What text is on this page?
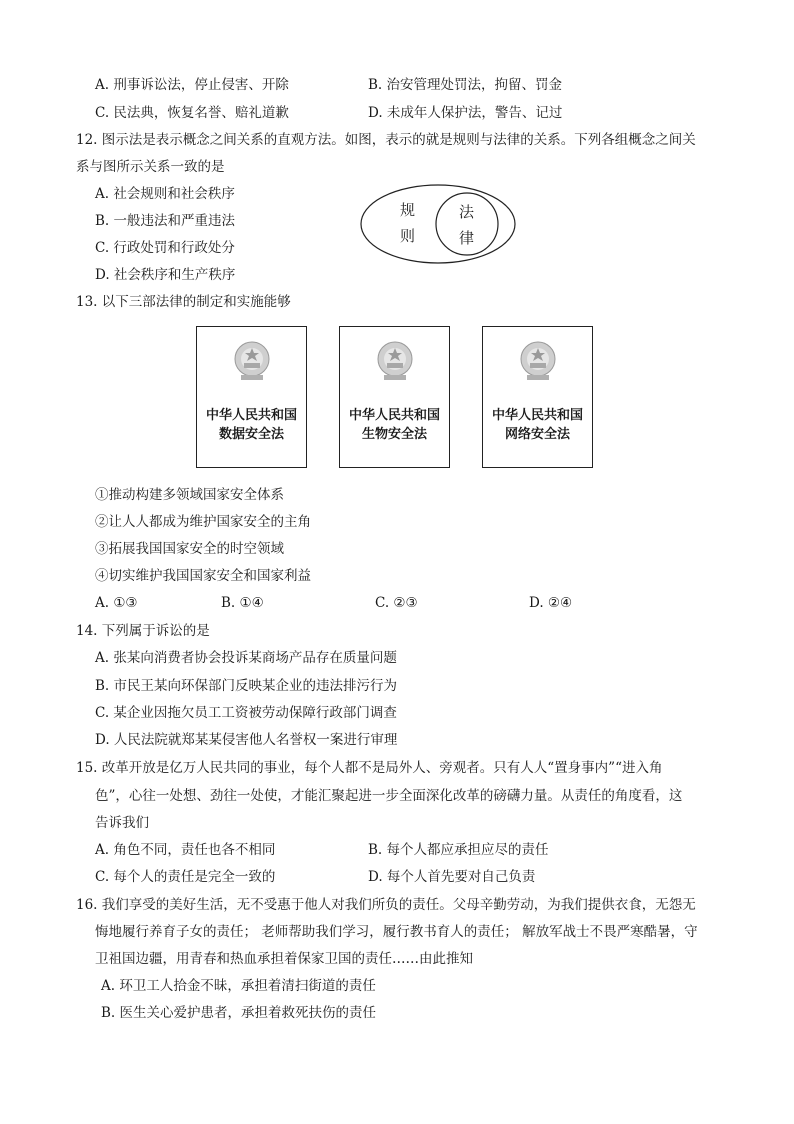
A. 刑事诉讼法，停止侵害、开除	B. 治安管理处罚法，拘留、罚金
C. 民法典，恢复名誉、赔礼道歉	D. 未成年人保护法，警告、记过
12. 图示法是表示概念之间关系的直观方法。如图，表示的就是规则与法律的关系。下列各组概念之间关
系与图所示关系一致的是
A. 社会规则和社会秩序
B. 一般违法和严重违法
C. 行政处罚和行政处分
D. 社会秩序和生产秩序
规
则
法
律
13. 以下三部法律的制定和实施能够
中华人民共和国
数据安全法
中华人民共和国
生物安全法
中华人民共和国
网络安全法
①推动构建多领域国家安全体系
②让人人都成为维护国家安全的主角
③拓展我国国家安全的时空领域
④切实维护我国国家安全和国家利益
A. ①③	B. ①④	C. ②③	D. ②④
14. 下列属于诉讼的是
A. 张某向消费者协会投诉某商场产品存在质量问题
B. 市民王某向环保部门反映某企业的违法排污行为
C. 某企业因拖欠员工工资被劳动保障行政部门调查
D. 人民法院就郑某某侵害他人名誉权一案进行审理
15. 改革开放是亿万人民共同的事业，每个人都不是局外人、旁观者。只有人人“置身事内”“进入角
色”，心往一处想、劲往一处使，才能汇聚起进一步全面深化改革的磅礴力量。从责任的角度看，这
告诉我们
A. 角色不同，责任也各不相同	B. 每个人都应承担应尽的责任
C. 每个人的责任是完全一致的	D. 每个人首先要对自己负责
16. 我们享受的美好生活，无不受惠于他人对我们所负的责任。父母辛勤劳动，为我们提供衣食，无怨无
悔地履行养育子女的责任； 老师帮助我们学习，履行教书育人的责任； 解放军战士不畏严寒酷暑，守
卫祖国边疆，用青春和热血承担着保家卫国的责任……由此推知
A. 环卫工人拾金不昧，承担着清扫街道的责任
B. 医生关心爱护患者，承担着救死扶伤的责任
